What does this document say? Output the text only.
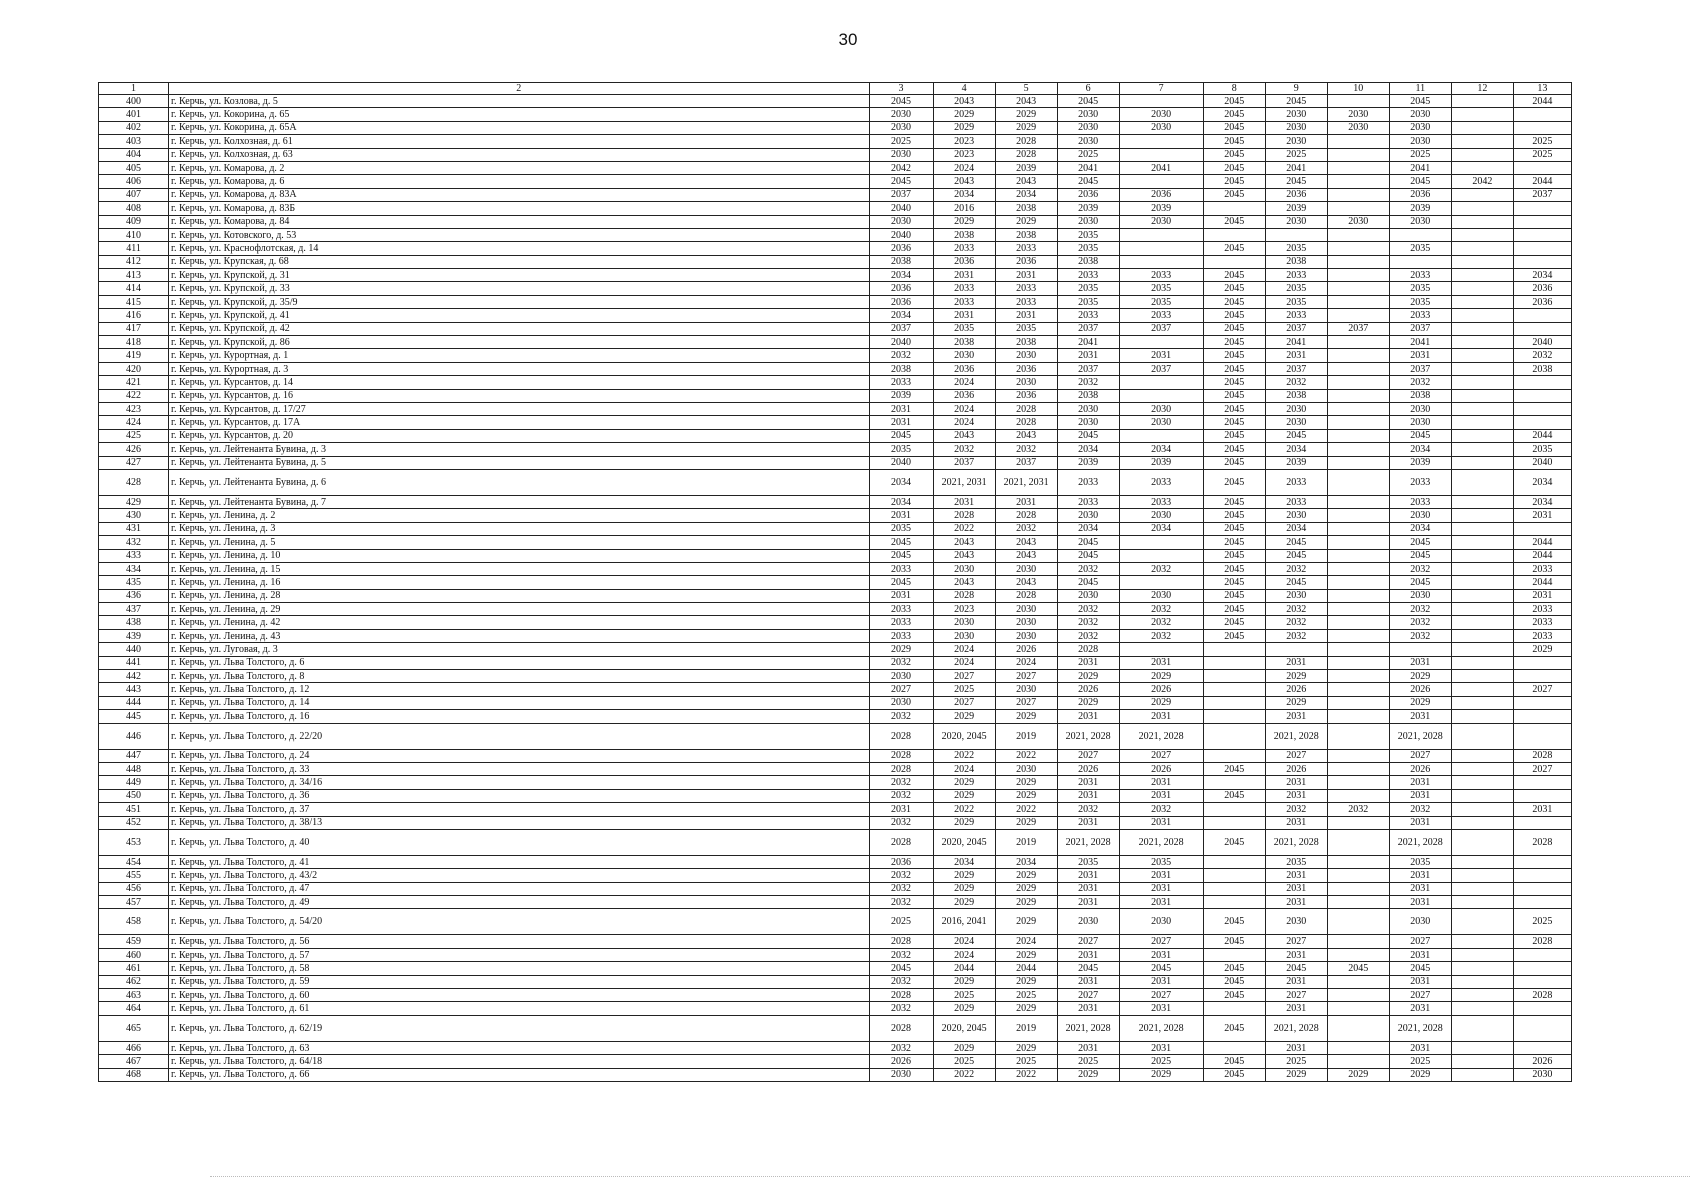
30
1	2	3	4	5	6	7	8	9	10	11	12	13
400	г. Керчь, ул. Козлова, д. 5	2045	2043	2043	2045		2045	2045		2045		2044
401	г. Керчь, ул. Кокорина, д. 65	2030	2029	2029	2030	2030	2045	2030	2030	2030		
402	г. Керчь, ул. Кокорина, д. 65А	2030	2029	2029	2030	2030	2045	2030	2030	2030		
403	г. Керчь, ул. Колхозная, д. 61	2025	2023	2028	2030		2045	2030		2030		2025
404	г. Керчь, ул. Колхозная, д. 63	2030	2023	2028	2025		2045	2025		2025		2025
405	г. Керчь, ул. Комарова, д. 2	2042	2024	2039	2041	2041	2045	2041		2041		
406	г. Керчь, ул. Комарова, д. 6	2045	2043	2043	2045		2045	2045		2045	2042	2044
407	г. Керчь, ул. Комарова, д. 83А	2037	2034	2034	2036	2036	2045	2036		2036		2037
408	г. Керчь, ул. Комарова, д. 83Б	2040	2016	2038	2039	2039		2039		2039		
409	г. Керчь, ул. Комарова, д. 84	2030	2029	2029	2030	2030	2045	2030	2030	2030		
410	г. Керчь, ул. Котовского, д. 53	2040	2038	2038	2035							
411	г. Керчь, ул. Краснофлотская, д. 14	2036	2033	2033	2035		2045	2035		2035		
412	г. Керчь, ул. Крупская, д. 68	2038	2036	2036	2038			2038				
413	г. Керчь, ул. Крупской, д. 31	2034	2031	2031	2033	2033	2045	2033		2033		2034
414	г. Керчь, ул. Крупской, д. 33	2036	2033	2033	2035	2035	2045	2035		2035		2036
415	г. Керчь, ул. Крупской, д. 35/9	2036	2033	2033	2035	2035	2045	2035		2035		2036
416	г. Керчь, ул. Крупской, д. 41	2034	2031	2031	2033	2033	2045	2033		2033		
417	г. Керчь, ул. Крупской, д. 42	2037	2035	2035	2037	2037	2045	2037	2037	2037		
418	г. Керчь, ул. Крупской, д. 86	2040	2038	2038	2041		2045	2041		2041		2040
419	г. Керчь, ул. Курортная, д. 1	2032	2030	2030	2031	2031	2045	2031		2031		2032
420	г. Керчь, ул. Курортная, д. 3	2038	2036	2036	2037	2037	2045	2037		2037		2038
421	г. Керчь, ул. Курсантов, д. 14	2033	2024	2030	2032		2045	2032		2032		
422	г. Керчь, ул. Курсантов, д. 16	2039	2036	2036	2038		2045	2038		2038		
423	г. Керчь, ул. Курсантов, д. 17/27	2031	2024	2028	2030	2030	2045	2030		2030		
424	г. Керчь, ул. Курсантов, д. 17А	2031	2024	2028	2030	2030	2045	2030		2030		
425	г. Керчь, ул. Курсантов, д. 20	2045	2043	2043	2045		2045	2045		2045		2044
426	г. Керчь, ул. Лейтенанта Бувина, д. 3	2035	2032	2032	2034	2034	2045	2034		2034		2035
427	г. Керчь, ул. Лейтенанта Бувина, д. 5	2040	2037	2037	2039	2039	2045	2039		2039		2040
428	г. Керчь, ул. Лейтенанта Бувина, д. 6	2034	2021, 2031	2021, 2031	2033	2033	2045	2033		2033		2034
429	г. Керчь, ул. Лейтенанта Бувина, д. 7	2034	2031	2031	2033	2033	2045	2033		2033		2034
430	г. Керчь, ул. Ленина, д. 2	2031	2028	2028	2030	2030	2045	2030		2030		2031
431	г. Керчь, ул. Ленина, д. 3	2035	2022	2032	2034	2034	2045	2034		2034		
432	г. Керчь, ул. Ленина, д. 5	2045	2043	2043	2045		2045	2045		2045		2044
433	г. Керчь, ул. Ленина, д. 10	2045	2043	2043	2045		2045	2045		2045		2044
434	г. Керчь, ул. Ленина, д. 15	2033	2030	2030	2032	2032	2045	2032		2032		2033
435	г. Керчь, ул. Ленина, д. 16	2045	2043	2043	2045		2045	2045		2045		2044
436	г. Керчь, ул. Ленина, д. 28	2031	2028	2028	2030	2030	2045	2030		2030		2031
437	г. Керчь, ул. Ленина, д. 29	2033	2023	2030	2032	2032	2045	2032		2032		2033
438	г. Керчь, ул. Ленина, д. 42	2033	2030	2030	2032	2032	2045	2032		2032		2033
439	г. Керчь, ул. Ленина, д. 43	2033	2030	2030	2032	2032	2045	2032		2032		2033
440	г. Керчь, ул. Луговая, д. 3	2029	2024	2026	2028							2029
441	г. Керчь, ул. Льва Толстого, д. 6	2032	2024	2024	2031	2031		2031		2031		
442	г. Керчь, ул. Льва Толстого, д. 8	2030	2027	2027	2029	2029		2029		2029		
443	г. Керчь, ул. Льва Толстого, д. 12	2027	2025	2030	2026	2026		2026		2026		2027
444	г. Керчь, ул. Льва Толстого, д. 14	2030	2027	2027	2029	2029		2029		2029		
445	г. Керчь, ул. Льва Толстого, д. 16	2032	2029	2029	2031	2031		2031		2031		
446	г. Керчь, ул. Льва Толстого, д. 22/20	2028	2020, 2045	2019	2021, 2028	2021, 2028		2021, 2028		2021, 2028		
447	г. Керчь, ул. Льва Толстого, д. 24	2028	2022	2022	2027	2027		2027		2027		2028
448	г. Керчь, ул. Льва Толстого, д. 33	2028	2024	2030	2026	2026	2045	2026		2026		2027
449	г. Керчь, ул. Льва Толстого, д. 34/16	2032	2029	2029	2031	2031		2031		2031		
450	г. Керчь, ул. Льва Толстого, д. 36	2032	2029	2029	2031	2031	2045	2031		2031		
451	г. Керчь, ул. Льва Толстого, д. 37	2031	2022	2022	2032	2032		2032	2032	2032		2031
452	г. Керчь, ул. Льва Толстого, д. 38/13	2032	2029	2029	2031	2031		2031		2031		
453	г. Керчь, ул. Льва Толстого, д. 40	2028	2020, 2045	2019	2021, 2028	2021, 2028	2045	2021, 2028		2021, 2028		2028
454	г. Керчь, ул. Льва Толстого, д. 41	2036	2034	2034	2035	2035		2035		2035		
455	г. Керчь, ул. Льва Толстого, д. 43/2	2032	2029	2029	2031	2031		2031		2031		
456	г. Керчь, ул. Льва Толстого, д. 47	2032	2029	2029	2031	2031		2031		2031		
457	г. Керчь, ул. Льва Толстого, д. 49	2032	2029	2029	2031	2031		2031		2031		
458	г. Керчь, ул. Льва Толстого, д. 54/20	2025	2016, 2041	2029	2030	2030	2045	2030		2030		2025
459	г. Керчь, ул. Льва Толстого, д. 56	2028	2024	2024	2027	2027	2045	2027		2027		2028
460	г. Керчь, ул. Льва Толстого, д. 57	2032	2024	2029	2031	2031		2031		2031		
461	г. Керчь, ул. Льва Толстого, д. 58	2045	2044	2044	2045	2045	2045	2045	2045	2045		
462	г. Керчь, ул. Льва Толстого, д. 59	2032	2029	2029	2031	2031	2045	2031		2031		
463	г. Керчь, ул. Льва Толстого, д. 60	2028	2025	2025	2027	2027	2045	2027		2027		2028
464	г. Керчь, ул. Льва Толстого, д. 61	2032	2029	2029	2031	2031		2031		2031		
465	г. Керчь, ул. Льва Толстого, д. 62/19	2028	2020, 2045	2019	2021, 2028	2021, 2028	2045	2021, 2028		2021, 2028		
466	г. Керчь, ул. Льва Толстого, д. 63	2032	2029	2029	2031	2031		2031		2031		
467	г. Керчь, ул. Льва Толстого, д. 64/18	2026	2025	2025	2025	2025	2045	2025		2025		2026
468	г. Керчь, ул. Льва Толстого, д. 66	2030	2022	2022	2029	2029	2045	2029	2029	2029		2030
